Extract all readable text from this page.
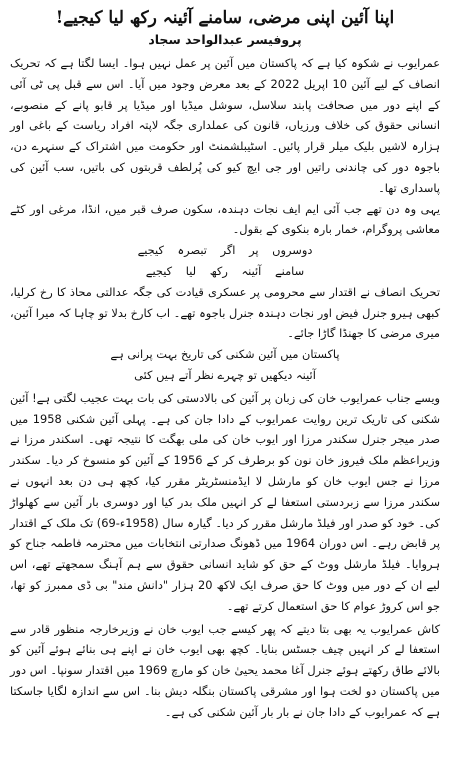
اپنا آئین اپنی مرضی، سامنے آئینہ رکھ لیا کیجیے!
پروفیسر عبدالواحد سجاد

عمرایوب نے شکوہ کیا ہے کہ پاکستان میں آئین پر عمل نہیں ہوا۔ ایسا لگتا ہے کہ تحریک انصاف کے لیے آئین 10 اپریل 2022 کے بعد معرض وجود میں آیا۔ اس سے قبل پی ٹی آئی کے اپنے دور میں صحافت پابند سلاسل، سوشل میڈیا اور میڈیا پر قابو پانے کے منصوبے، انسانی حقوق کی خلاف ورزیاں، قانون کی عملداری جگہ لاپتہ افراد ریاست کے باغی اور ہزارہ لاشیں بلیک میلر قرار پائیں۔ اسٹیبلشمنٹ اور حکومت میں اشتراک کے سنہرے دن، باجوہ دور کی چاندنی راتیں اور جی ایچ کیو کی پُرلطف قربتوں کی باتیں، سب آئین کی پاسداری تھا۔

یہی وہ دن تھے جب آئی ایم ایف نجات دہندہ، سکون صرف قبر میں، انڈا، مرغی اور کٹے معاشی پروگرام، خمار بارہ بنکوی کے بقول۔

دوسروں پر اگر تبصرہ کیجیے
سامنے آئینہ رکھ لیا کیجیے

تحریک انصاف نے اقتدار سے محرومی پر عسکری قیادت کی جگہ عدالتی محاذ کا رخ کرلیا، کبھی ہیرو جنرل فیض اور نجات دہندہ جنرل باجوہ تھے۔ اب کارخ بدلا تو چاہا کہ میرا آئین، میری مرضی کا جھنڈا گاڑا جائے۔

پاکستان میں آئین شکنی کی تاریخ بہت پرانی ہے
آئینہ دیکھیں تو چہرے نظر آتے ہیں کئی

ویسے جناب عمرایوب خان کی زبان پر آئین کی بالادستی کی بات بہت عجیب لگتی ہے! آئین شکنی کی تاریک ترین روایت عمرایوب کے دادا جان کی ہے۔ پہلی آئین شکنی 1958 میں صدر میجر جنرل سکندر مرزا اور ایوب خان کی ملی بھگت کا نتیجہ تھی۔ اسکندر مرزا نے وزیراعظم ملک فیروز خان نون کو برطرف کر کے 1956 کے آئین کو منسوخ کر دیا۔ سکندر مرزا نے جس ایوب خان کو مارشل لا ایڈمنسٹریٹر مقرر کیا، کچھ ہی دن بعد انہوں نے سکندر مرزا سے زبردستی استعفا لے کر انہیں ملک بدر کیا اور دوسری بار آئین سے کھلواڑ کی۔ خود کو صدر اور فیلڈ مارشل مقرر کر دیا۔ گیارہ سال (1958ء-69) تک ملک کے اقتدار پر قابض رہے۔ اس دوران 1964 میں ڈھونگ صدارتی انتخابات میں محترمہ فاطمہ جناح کو ہروایا۔ فیلڈ مارشل ووٹ کے حق کو شاید انسانی حقوق سے ہم آہنگ سمجھتے تھے، اس لیے ان کے دور میں ووٹ کا حق صرف ایک لاکھ 20 ہزار "دانش مند" بی ڈی ممبرز کو تھا، جو اس کروڑ عوام کا حق استعمال کرتے تھے۔

کاش عمرایوب یہ بھی بتا دیتے کہ پھر کیسے جب ایوب خان نے وزیرخارجہ منظور قادر سے استعفا لے کر انہیں چیف جسٹس بنایا۔ کچھ بھی ایوب خان نے اپنے ہی بنائے ہوئے آئین کو بالائے طاق رکھتے ہوئے جنرل آغا محمد یحییٰ خان کو مارچ 1969 میں اقتدار سونپا۔ اس دور میں پاکستان دو لخت ہوا اور مشرقی پاکستان بنگلہ دیش بنا۔ اس سے اندازہ لگایا جاسکتا ہے کہ عمرایوب کے دادا جان نے بار بار آئین شکنی کی ہے۔
